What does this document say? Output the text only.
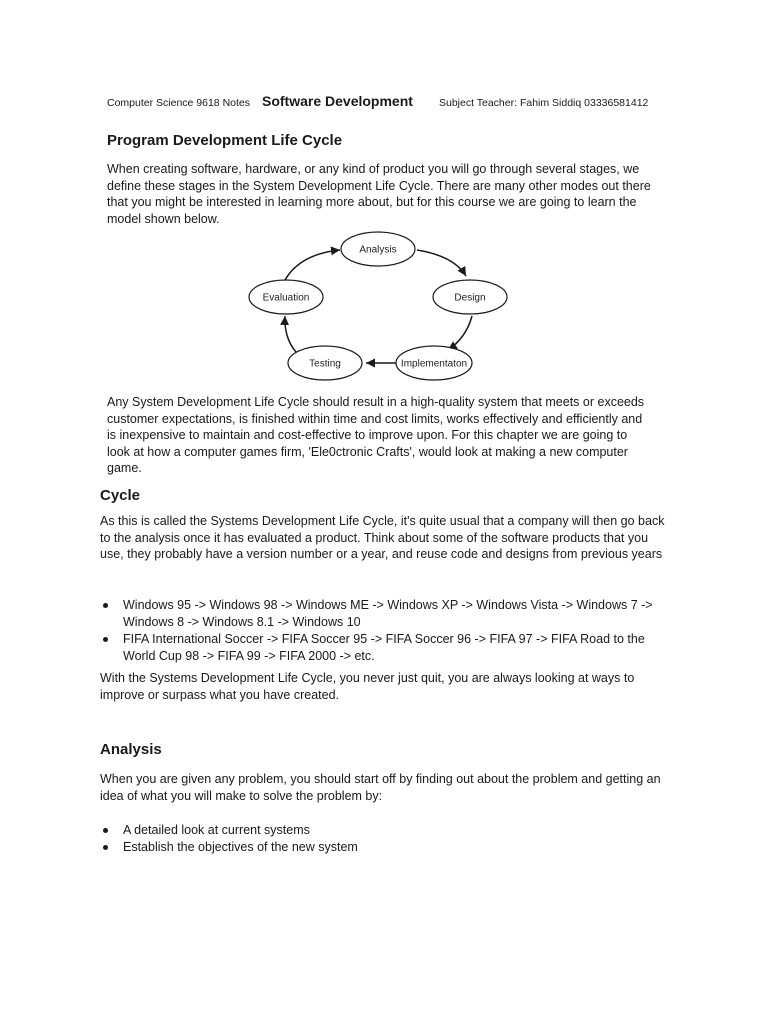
Computer Science 9618 Notes Software Development Subject Teacher: Fahim Siddiq 03336581412
Program Development Life Cycle

When creating software, hardware, or any kind of product you will go through several stages, we define these stages in the System Development Life Cycle. There are many other modes out there that you might be interested in learning more about, but for this course we are going to learn the model shown below.

Analysis
Design
Implementaton
Testing
Evaluation

Any System Development Life Cycle should result in a high-quality system that meets or exceeds customer expectations, is finished within time and cost limits, works effectively and efficiently and is inexpensive to maintain and cost-effective to improve upon. For this chapter we are going to look at how a computer games firm, 'Ele0ctronic Crafts', would look at making a new computer game.

Cycle

As this is called the Systems Development Life Cycle, it's quite usual that a company will then go back to the analysis once it has evaluated a product. Think about some of the software products that you use, they probably have a version number or a year, and reuse code and designs from previous years

Windows 95 -> Windows 98 -> Windows ME -> Windows XP -> Windows Vista -> Windows 7 -> Windows 8 -> Windows 8.1 -> Windows 10
FIFA International Soccer -> FIFA Soccer 95 -> FIFA Soccer 96 -> FIFA 97 -> FIFA Road to the World Cup 98 -> FIFA 99 -> FIFA 2000 -> etc.

With the Systems Development Life Cycle, you never just quit, you are always looking at ways to improve or surpass what you have created.

Analysis

When you are given any problem, you should start off by finding out about the problem and getting an idea of what you will make to solve the problem by:

A detailed look at current systems
Establish the objectives of the new system
